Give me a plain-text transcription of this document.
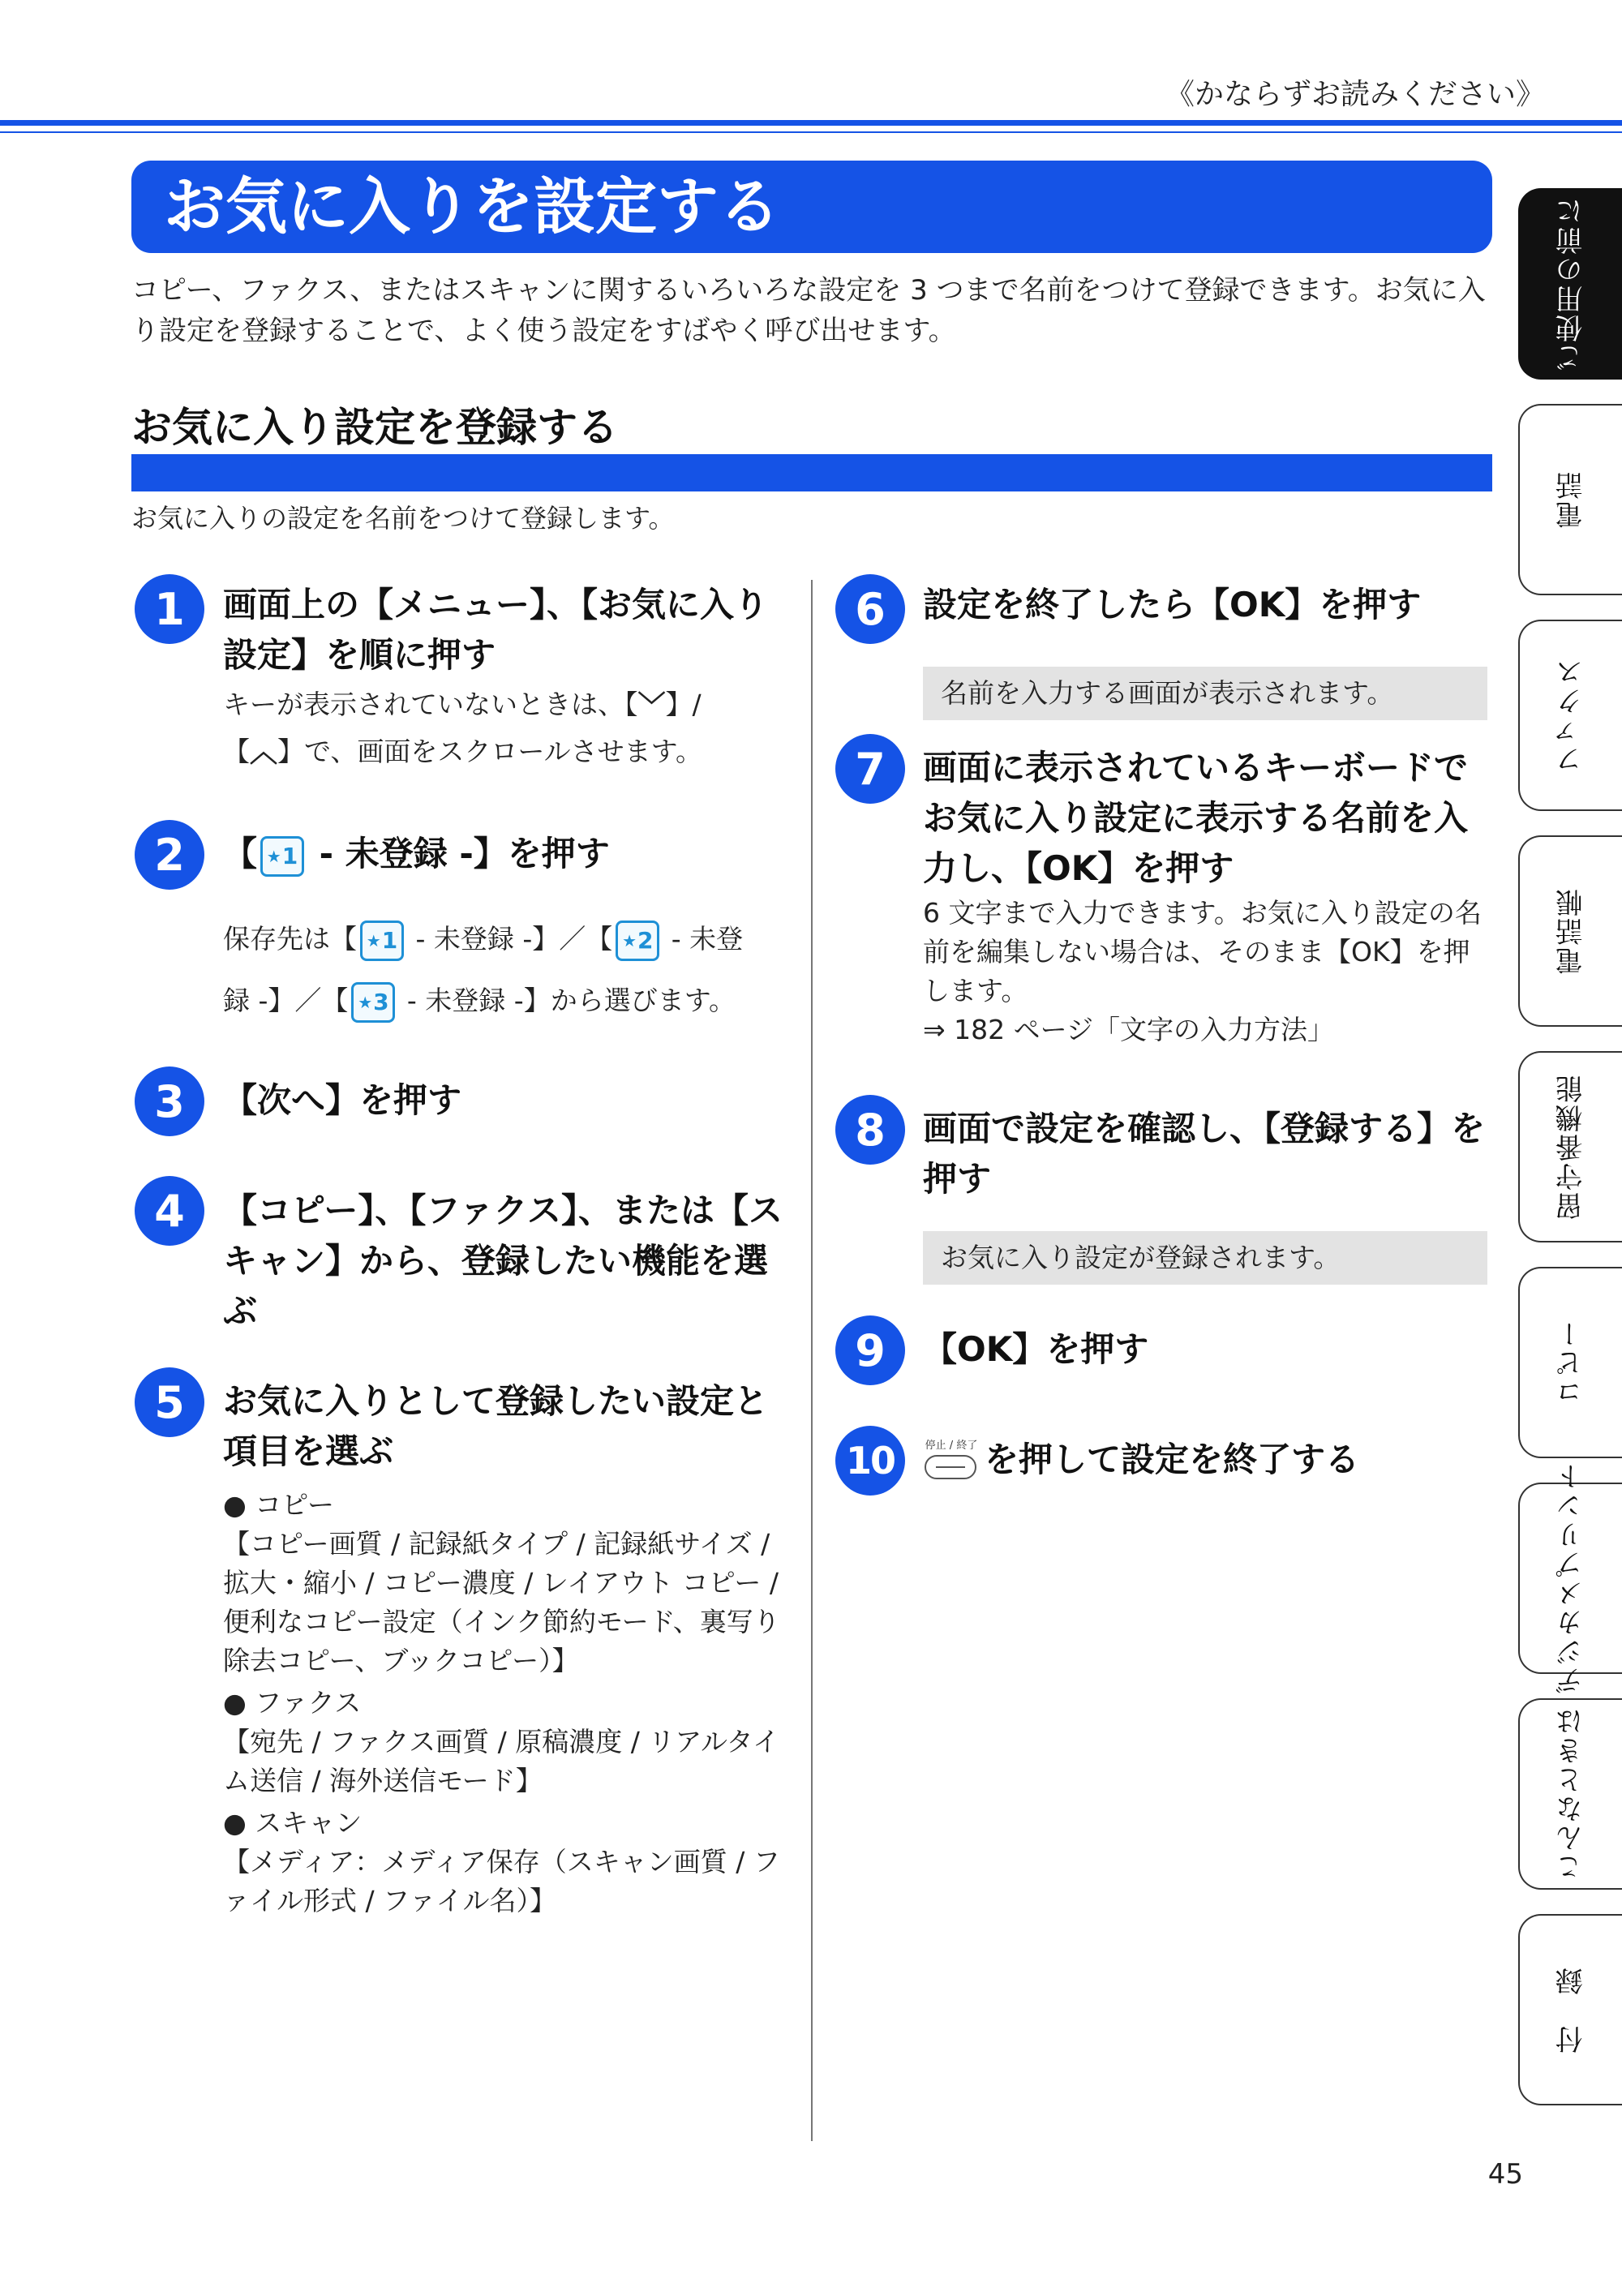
《かならずお読みください》
お気に入りを設定する
コピー、ファクス、またはスキャンに関するいろいろな設定を 3 つまで名前をつけて登録できます。お気に入り設定を登録することで、よく使う設定をすばやく呼び出せます。
お気に入り設定を登録する
お気に入りの設定を名前をつけて登録します。
1	画面上の【メニュー】、【お気に入り設定】を順に押す
キーが表示されていないときは、【﹀】/
【︿】で、画面をスクロールさせます。
2	【 ★ 1 - 未登録 -】を押す
保存先は【 ★ 1 - 未登録 -】／【 ★ 2 - 未登
録 -】／【 ★ 3 - 未登録 -】から選びます。
3	【次へ】を押す
4	【コピー】、【ファクス】、または【スキャン】から、登録したい機能を選ぶ
5	お気に入りとして登録したい設定と項目を選ぶ
● コピー
【コピー画質 / 記録紙タイプ / 記録紙サイズ / 拡大・縮小 / コピー濃度 / レイアウト コピー / 便利なコピー設定（インク節約モード、裏写り除去コピー、ブックコピー）】
● ファクス
【宛先 / ファクス画質 / 原稿濃度 / リアルタイム送信 / 海外送信モード】
● スキャン
【メディア：メディア保存（スキャン画質 / ファイル形式 / ファイル名）】
6	設定を終了したら【OK】を押す
名前を入力する画面が表示されます。
7	画面に表示されているキーボードでお気に入り設定に表示する名前を入力し、【OK】を押す
6 文字まで入力できます。お気に入り設定の名前を編集しない場合は、そのまま【OK】を押します。
⇒ 182 ページ「文字の入力方法」
8	画面で設定を確認し、【登録する】を押す
お気に入り設定が登録されます。
9	【OK】を押す
10	停止 / 終了 を押して設定を終了する
ご使用の前に
電話
ファクス
電話帳
留守番機能
コピー
デジカメプリント
こんなときは
付　録
45
